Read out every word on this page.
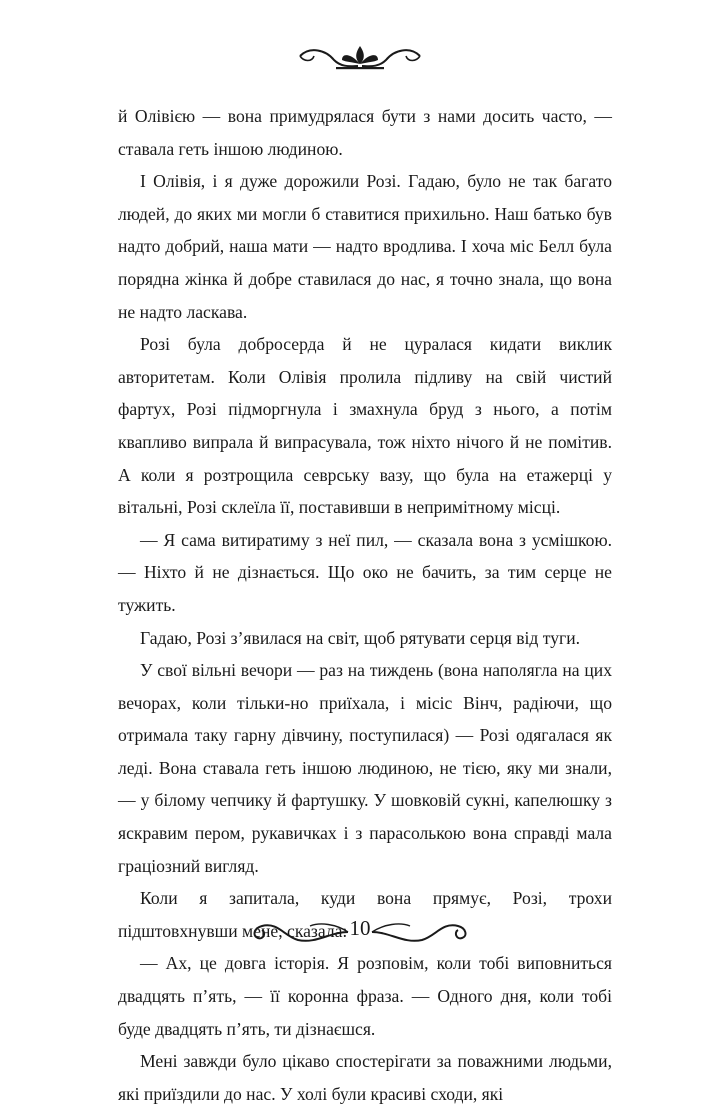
й Олівією — вона примудрялася бути з нами досить часто, — ставала геть іншою людиною.

І Олівія, і я дуже дорожили Розі. Гадаю, було не так багато людей, до яких ми могли б ставитися прихильно. Наш батько був надто добрий, наша мати — надто вродлива. І хоча міс Белл була порядна жінка й добре ставилася до нас, я точно знала, що вона не надто ласкава.

Розі була добросерда й не цуралася кидати виклик авторитетам. Коли Олівія пролила підливу на свій чистий фартух, Розі підморгнула і змахнула бруд з нього, а потім квапливо випрала й випрасувала, тож ніхто нічого й не помітив. А коли я розтрощила севрську вазу, що була на етажерці у вітальні, Розі склеїла її, поставивши в непримітному місці.

— Я сама витиратиму з неї пил, — сказала вона з усмішкою. — Ніхто й не дізнається. Що око не бачить, за тим серце не тужить.

Гадаю, Розі з’явилася на світ, щоб рятувати серця від туги.

У свої вільні вечори — раз на тиждень (вона наполягла на цих вечорах, коли тільки-но приїхала, і місіс Вінч, радіючи, що отримала таку гарну дівчину, поступилася) — Розі одягалася як леді. Вона ставала геть іншою людиною, не тією, яку ми знали, — у білому чепчику й фартушку. У шовковій сукні, капелюшку з яскравим пером, рукавичках і з парасолькою вона справді мала граціозний вигляд.

Коли я запитала, куди вона прямує, Розі, трохи підштовхнувши мене, сказала:

— Ах, це довга історія. Я розповім, коли тобі виповниться двадцять п’ять, — її коронна фраза. — Одного дня, коли тобі буде двадцять п’ять, ти дізнаєшся.

Мені завжди було цікаво спостерігати за поважними людьми, які приїздили до нас. У холі були красиві сходи, які

10
